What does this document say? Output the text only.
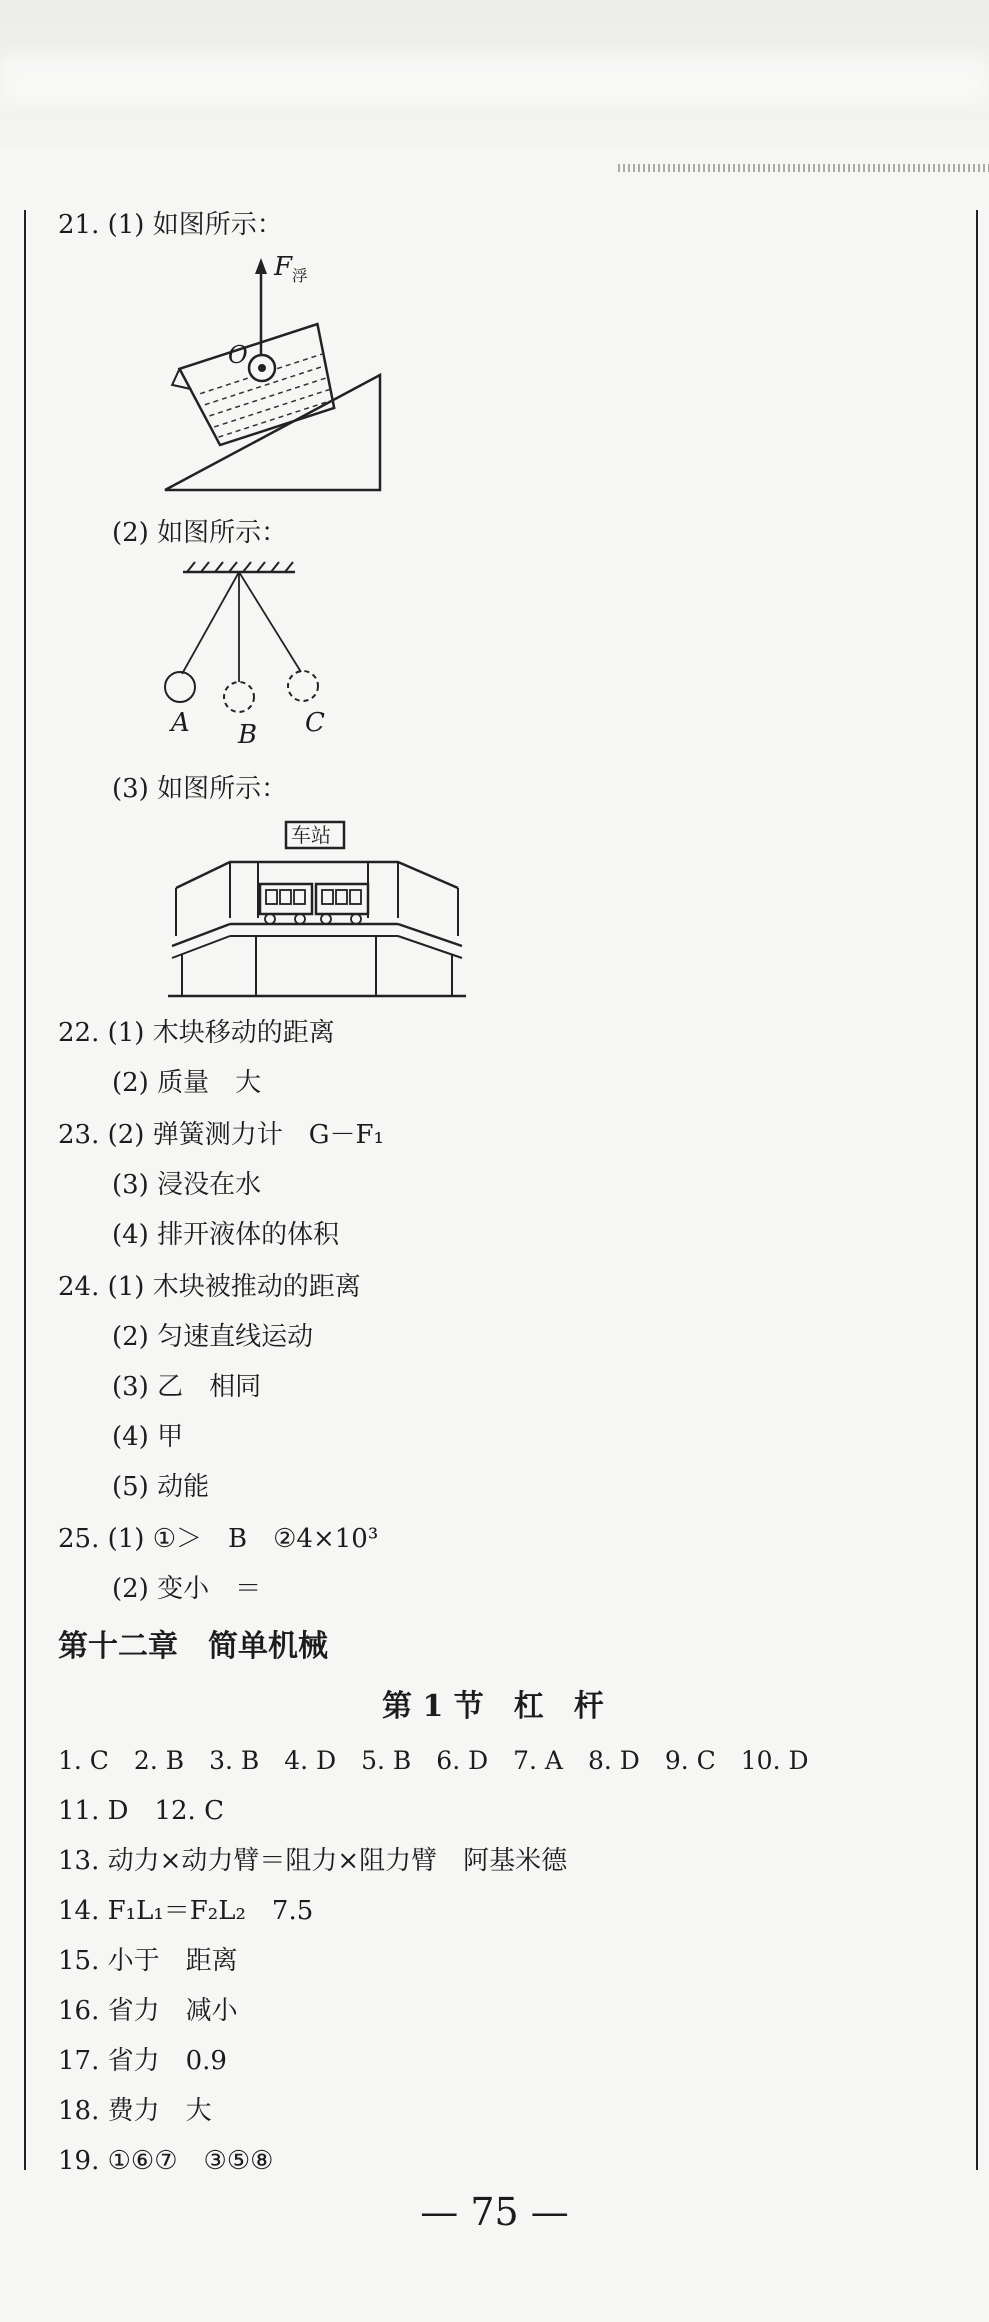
21. (1) 如图所示：
$F_浮$
O
(2) 如图所示：
A B C
(3) 如图所示：
车站
22. (1) 木块移动的距离
(2) 质量　大
23. (2) 弹簧测力计　G－F₁
(3) 浸没在水
(4) 排开液体的体积
24. (1) 木块被推动的距离
(2) 匀速直线运动
(3) 乙　相同
(4) 甲
(5) 动能
25. (1) ①＞　B　②4×10³
(2) 变小　＝
第十二章　简单机械
第 1 节　杠　杆
1. C　2. B　3. B　4. D　5. B　6. D　7. A　8. D　9. C　10. D
11. D　12. C
13. 动力×动力臂＝阻力×阻力臂　阿基米德
14. F₁L₁＝F₂L₂　7.5
15. 小于　距离
16. 省力　减小
17. 省力　0.9
18. 费力　大
19. ①⑥⑦　③⑤⑧
— 75 —
